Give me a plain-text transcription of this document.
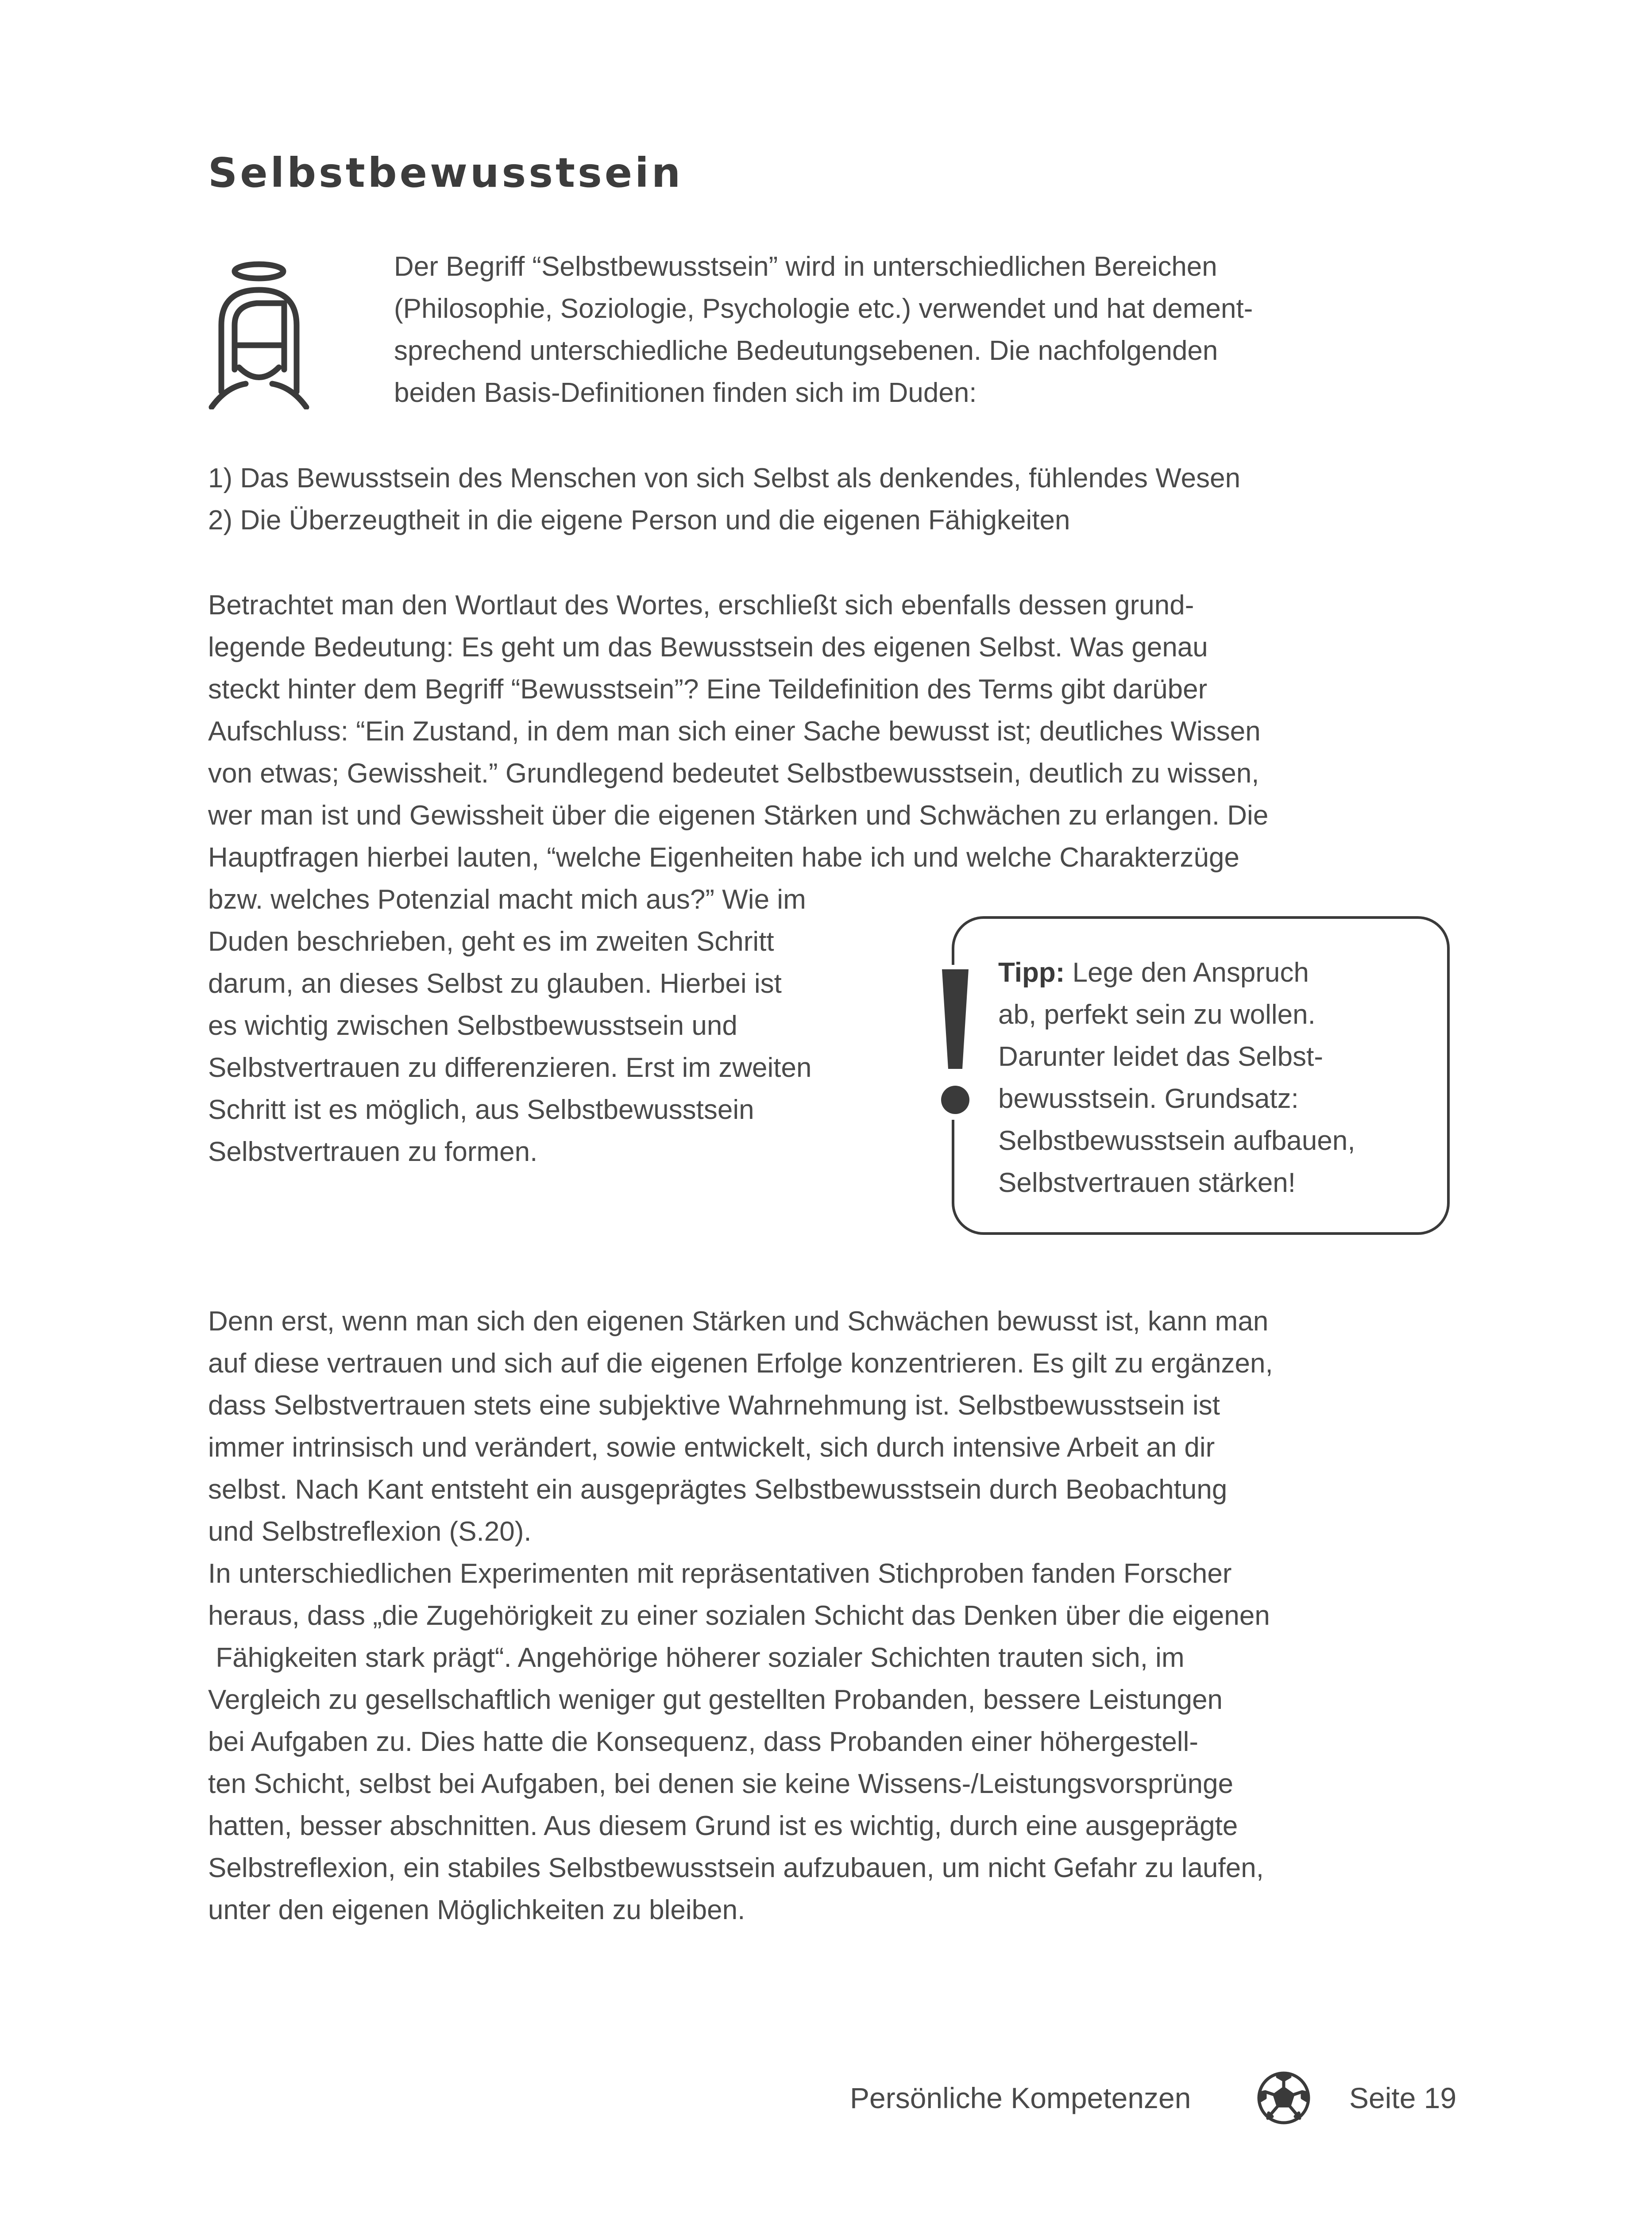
Selbstbewusstsein
Der Begriff “Selbstbewusstsein” wird in unterschiedlichen Bereichen
(Philosophie, Soziologie, Psychologie etc.) verwendet und hat dement-
sprechend unterschiedliche Bedeutungsebenen. Die nachfolgenden
beiden Basis-Definitionen finden sich im Duden:
1) Das Bewusstsein des Menschen von sich Selbst als denkendes, fühlendes Wesen
2) Die Überzeugtheit in die eigene Person und die eigenen Fähigkeiten
Betrachtet man den Wortlaut des Wortes, erschließt sich ebenfalls dessen grund-
legende Bedeutung: Es geht um das Bewusstsein des eigenen Selbst. Was genau
steckt hinter dem Begriff “Bewusstsein”? Eine Teildefinition des Terms gibt darüber
Aufschluss: “Ein Zustand, in dem man sich einer Sache bewusst ist; deutliches Wissen
von etwas; Gewissheit.” Grundlegend bedeutet Selbstbewusstsein, deutlich zu wissen,
wer man ist und Gewissheit über die eigenen Stärken und Schwächen zu erlangen. Die
Hauptfragen hierbei lauten, “welche Eigenheiten habe ich und welche Charakterzüge
bzw. welches Potenzial macht mich aus?” Wie im
Duden beschrieben, geht es im zweiten Schritt
darum, an dieses Selbst zu glauben. Hierbei ist
es wichtig zwischen Selbstbewusstsein und
Selbstvertrauen zu differenzieren. Erst im zweiten
Schritt ist es möglich, aus Selbstbewusstsein
Selbstvertrauen zu formen.
Tipp: Lege den Anspruch
ab, perfekt sein zu wollen.
Darunter leidet das Selbst-
bewusstsein. Grundsatz:
Selbstbewusstsein aufbauen,
Selbstvertrauen stärken!
Denn erst, wenn man sich den eigenen Stärken und Schwächen bewusst ist, kann man
auf diese vertrauen und sich auf die eigenen Erfolge konzentrieren. Es gilt zu ergänzen,
dass Selbstvertrauen stets eine subjektive Wahrnehmung ist. Selbstbewusstsein ist
immer intrinsisch und verändert, sowie entwickelt, sich durch intensive Arbeit an dir
selbst. Nach Kant entsteht ein ausgeprägtes Selbstbewusstsein durch Beobachtung
und Selbstreflexion (S.20).
In unterschiedlichen Experimenten mit repräsentativen Stichproben fanden Forscher
heraus, dass „die Zugehörigkeit zu einer sozialen Schicht das Denken über die eigenen
Fähigkeiten stark prägt“. Angehörige höherer sozialer Schichten trauten sich, im
Vergleich zu gesellschaftlich weniger gut gestellten Probanden, bessere Leistungen
bei Aufgaben zu. Dies hatte die Konsequenz, dass Probanden einer höhergestell-
ten Schicht, selbst bei Aufgaben, bei denen sie keine Wissens-/Leistungsvorsprünge
hatten, besser abschnitten. Aus diesem Grund ist es wichtig, durch eine ausgeprägte
Selbstreflexion, ein stabiles Selbstbewusstsein aufzubauen, um nicht Gefahr zu laufen,
unter den eigenen Möglichkeiten zu bleiben.
Persönliche Kompetenzen	Seite 19
